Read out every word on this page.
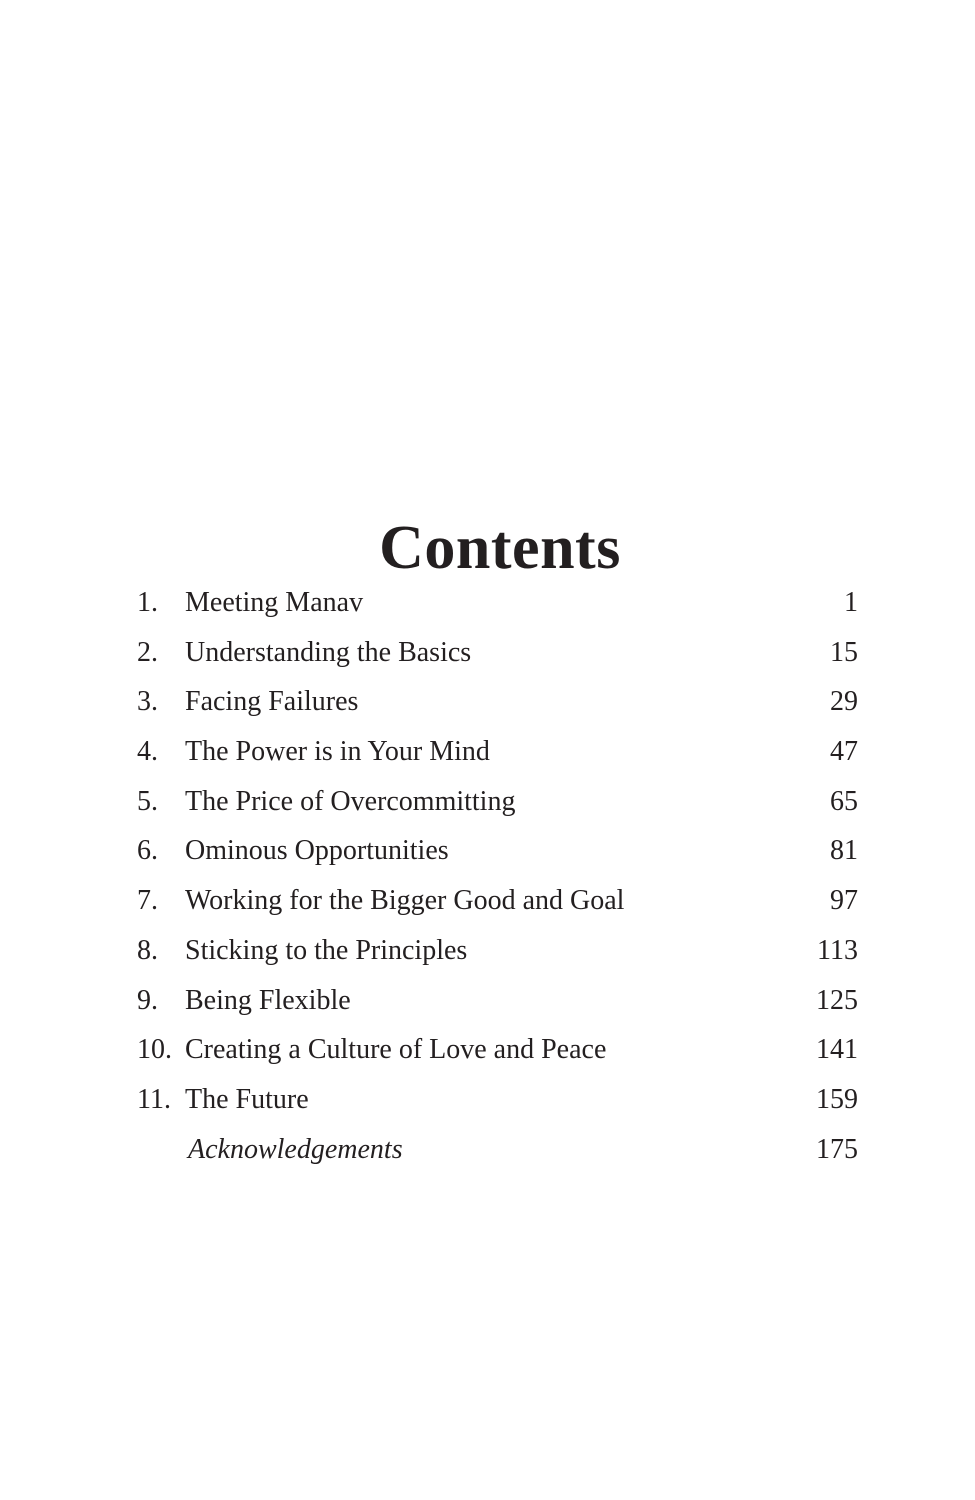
Contents
1. Meeting Manav	1
2. Understanding the Basics	15
3. Facing Failures	29
4. The Power is in Your Mind	47
5. The Price of Overcommitting	65
6. Ominous Opportunities	81
7. Working for the Bigger Good and Goal	97
8. Sticking to the Principles	113
9. Being Flexible	125
10. Creating a Culture of Love and Peace	141
11. The Future	159
Acknowledgements	175
